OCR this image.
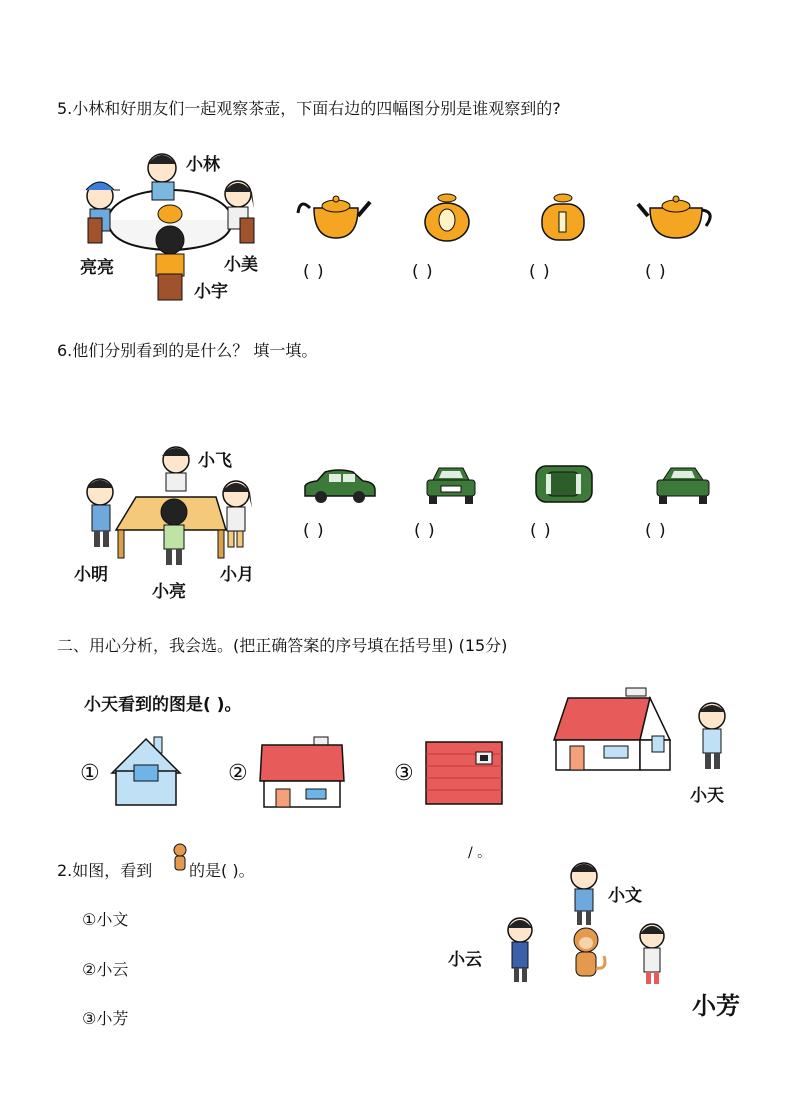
5.小林和好朋友们一起观察茶壶，下面右边的四幅图分别是谁观察到的?
小林
亮亮	小美
小宇
( )	( )	( )	( )
6.他们分别看到的是什么？ 填一填。
小飞
小明
小亮
小月
( )	( )	( )	( )
二、用心分析，我会选。(把正确答案的序号填在括号里) (15分)
小天看到的图是( )。
①	②	③
小天
2.如图，看到 的是( )。
/ 。
①小文
②小云
③小芳
小文
小云
小芳
